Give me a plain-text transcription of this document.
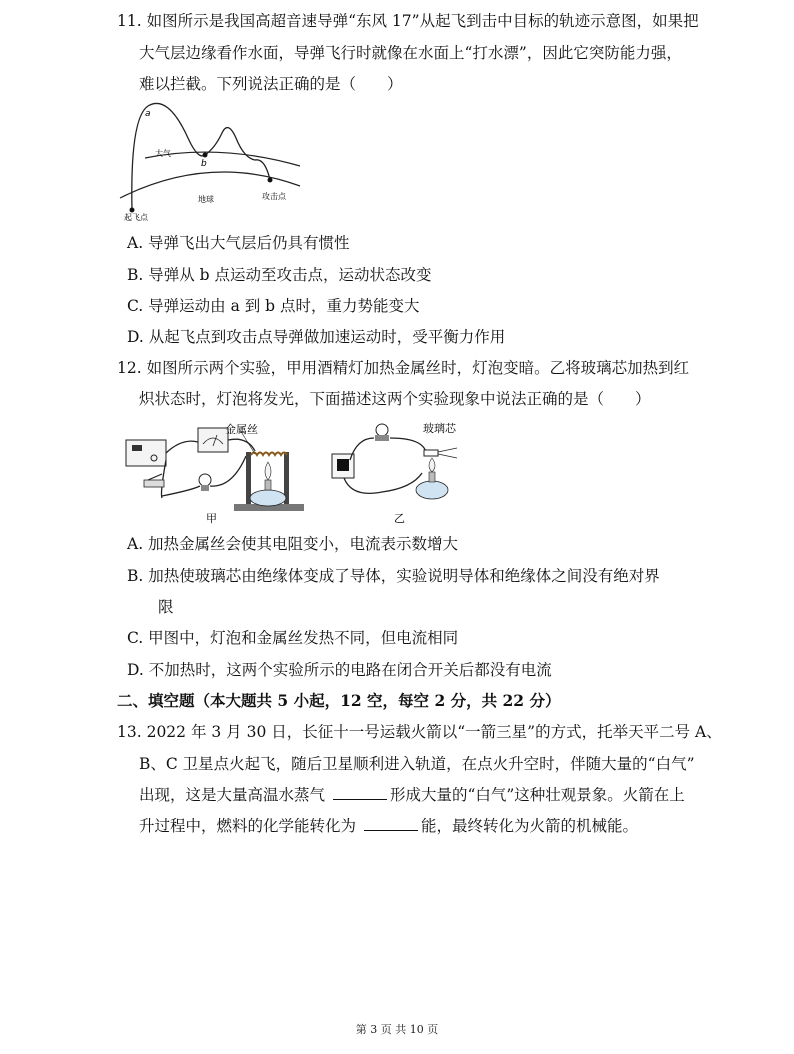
11. 如图所示是我国高超音速导弹“东风 17”从起飞到击中目标的轨迹示意图，如果把
大气层边缘看作水面，导弹飞行时就像在水面上“打水漂”，因此它突防能力强，
难以拦截。下列说法正确的是（　　）
a
b
大气
地球	攻击点
起飞点
A. 导弹飞出大气层后仍具有惯性
B. 导弹从 b 点运动至攻击点，运动状态改变
C. 导弹运动由 a 到 b 点时，重力势能变大
D. 从起飞点到攻击点导弹做加速运动时，受平衡力作用
12. 如图所示两个实验，甲用酒精灯加热金属丝时，灯泡变暗。乙将玻璃芯加热到红
炽状态时，灯泡将发光，下面描述这两个实验现象中说法正确的是（　　）
金属丝
甲
玻璃芯
乙
A. 加热金属丝会使其电阻变小，电流表示数增大
B. 加热使玻璃芯由绝缘体变成了导体，实验说明导体和绝缘体之间没有绝对界
限
C. 甲图中，灯泡和金属丝发热不同，但电流相同
D. 不加热时，这两个实验所示的电路在闭合开关后都没有电流
二、填空题（本大题共 5 小起，12 空，每空 2 分，共 22 分）
13. 2022 年 3 月 30 日，长征十一号运载火箭以“一箭三星”的方式，托举天平二号 A、
B、C 卫星点火起飞，随后卫星顺利进入轨道，在点火升空时，伴随大量的“白气”
出现，这是大量高温水蒸气	形成大量的“白气”这种壮观景象。火箭在上
升过程中，燃料的化学能转化为	能，最终转化为火箭的机械能。
第 3 页 共 10 页
